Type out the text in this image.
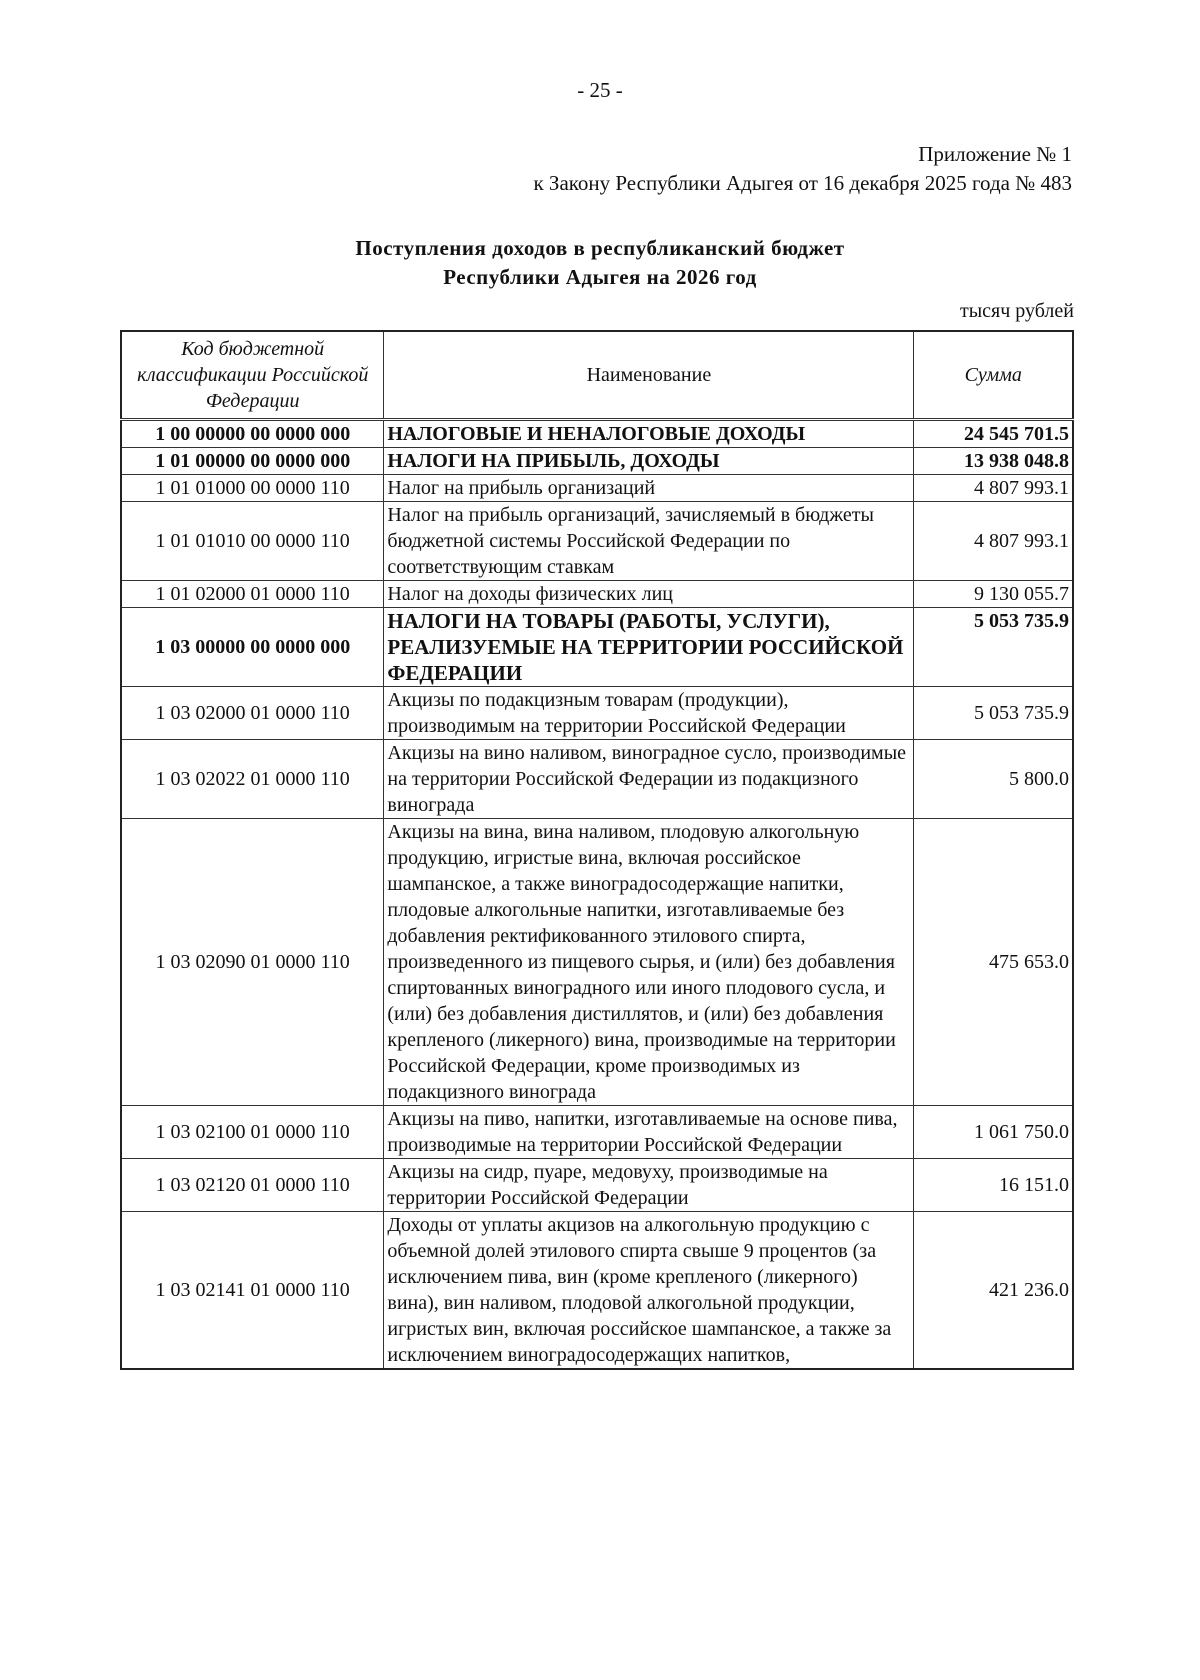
- 25 -
Приложение № 1
к Закону Республики Адыгея от 16 декабря 2025 года № 483
Поступления доходов в республиканский бюджет
Республики Адыгея на 2026 год
тысяч рублей
Код бюджетной классификации Российской Федерации	Наименование	Сумма
1 00 00000 00 0000 000	НАЛОГОВЫЕ И НЕНАЛОГОВЫЕ ДОХОДЫ	24 545 701.5
1 01 00000 00 0000 000	НАЛОГИ НА ПРИБЫЛЬ, ДОХОДЫ	13 938 048.8
1 01 01000 00 0000 110	Налог на прибыль организаций	4 807 993.1
1 01 01010 00 0000 110	Налог на прибыль организаций, зачисляемый в бюджеты бюджетной системы Российской Федерации по соответствующим ставкам	4 807 993.1
1 01 02000 01 0000 110	Налог на доходы физических лиц	9 130 055.7
1 03 00000 00 0000 000	НАЛОГИ НА ТОВАРЫ (РАБОТЫ, УСЛУГИ), РЕАЛИЗУЕМЫЕ НА ТЕРРИТОРИИ РОССИЙСКОЙ ФЕДЕРАЦИИ	5 053 735.9
1 03 02000 01 0000 110	Акцизы по подакцизным товарам (продукции), производимым на территории Российской Федерации	5 053 735.9
1 03 02022 01 0000 110	Акцизы на вино наливом, виноградное сусло, производимые на территории Российской Федерации из подакцизного винограда	5 800.0
1 03 02090 01 0000 110	Акцизы на вина, вина наливом, плодовую алкогольную продукцию, игристые вина, включая российское шампанское, а также виноградосодержащие напитки, плодовые алкогольные напитки, изготавливаемые без добавления ректификованного этилового спирта, произведенного из пищевого сырья, и (или) без добавления спиртованных виноградного или иного плодового сусла, и (или) без добавления дистиллятов, и (или) без добавления крепленого (ликерного) вина, производимые на территории Российской Федерации, кроме производимых из подакцизного винограда	475 653.0
1 03 02100 01 0000 110	Акцизы на пиво, напитки, изготавливаемые на основе пива, производимые на территории Российской Федерации	1 061 750.0
1 03 02120 01 0000 110	Акцизы на сидр, пуаре, медовуху, производимые на территории Российской Федерации	16 151.0
1 03 02141 01 0000 110	Доходы от уплаты акцизов на алкогольную продукцию с объемной долей этилового спирта свыше 9 процентов (за исключением пива, вин (кроме крепленого (ликерного) вина), вин наливом, плодовой алкогольной продукции, игристых вин, включая российское шампанское, а также за исключением виноградосодержащих напитков,	421 236.0
